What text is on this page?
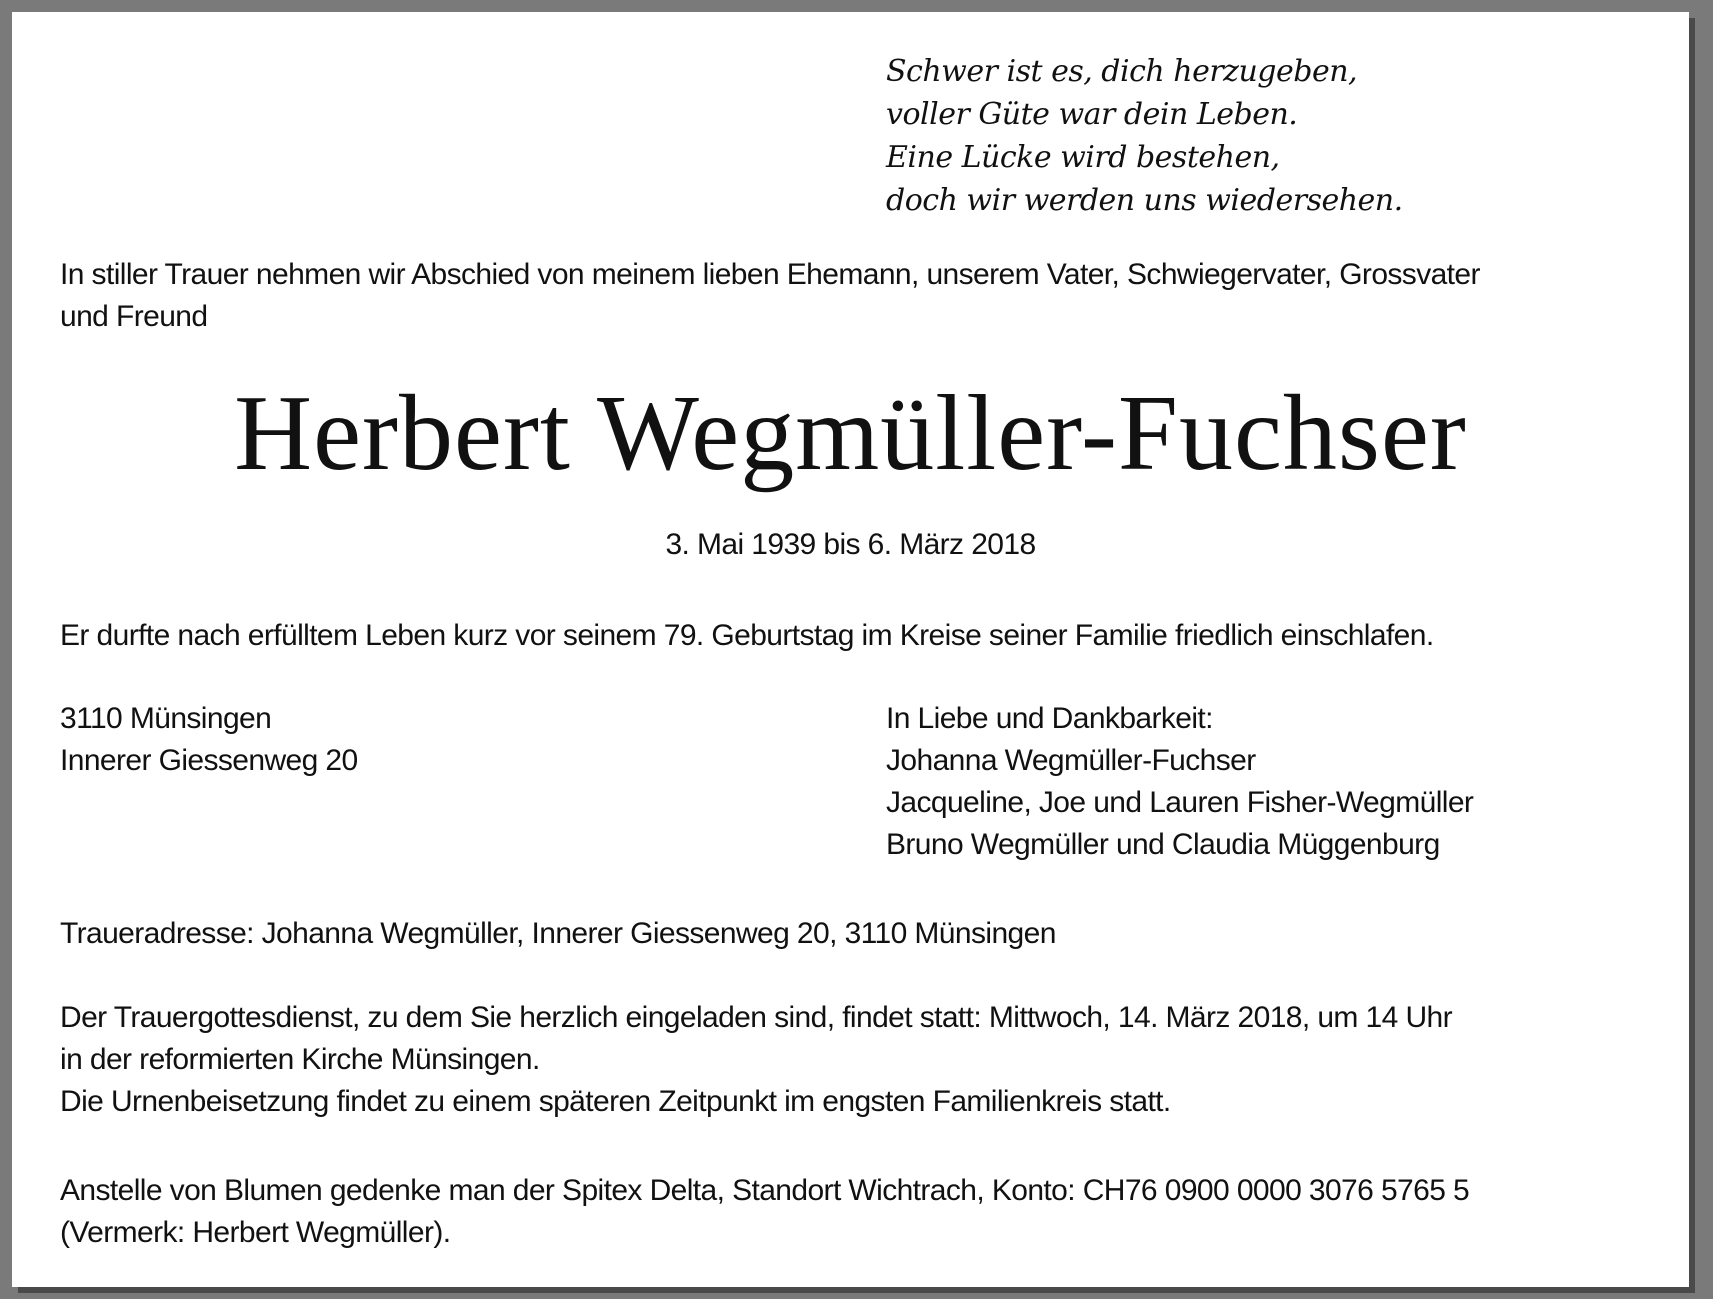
Schwer ist es, dich herzugeben,
voller Güte war dein Leben.
Eine Lücke wird bestehen,
doch wir werden uns wiedersehen.
In stiller Trauer nehmen wir Abschied von meinem lieben Ehemann, unserem Vater, Schwiegervater, Grossvater
und Freund
Herbert Wegmüller-Fuchser
3. Mai 1939 bis 6. März 2018
Er durfte nach erfülltem Leben kurz vor seinem 79. Geburtstag im Kreise seiner Familie friedlich einschlafen.
3110 Münsingen
Innerer Giessenweg 20
In Liebe und Dankbarkeit:
Johanna Wegmüller-Fuchser
Jacqueline, Joe und Lauren Fisher-Wegmüller
Bruno Wegmüller und Claudia Müggenburg
Traueradresse: Johanna Wegmüller, Innerer Giessenweg 20, 3110 Münsingen
Der Trauergottesdienst, zu dem Sie herzlich eingeladen sind, findet statt: Mittwoch, 14. März 2018, um 14 Uhr
in der reformierten Kirche Münsingen.
Die Urnenbeisetzung findet zu einem späteren Zeitpunkt im engsten Familienkreis statt.
Anstelle von Blumen gedenke man der Spitex Delta, Standort Wichtrach, Konto: CH76 0900 0000 3076 5765 5
(Vermerk: Herbert Wegmüller).
